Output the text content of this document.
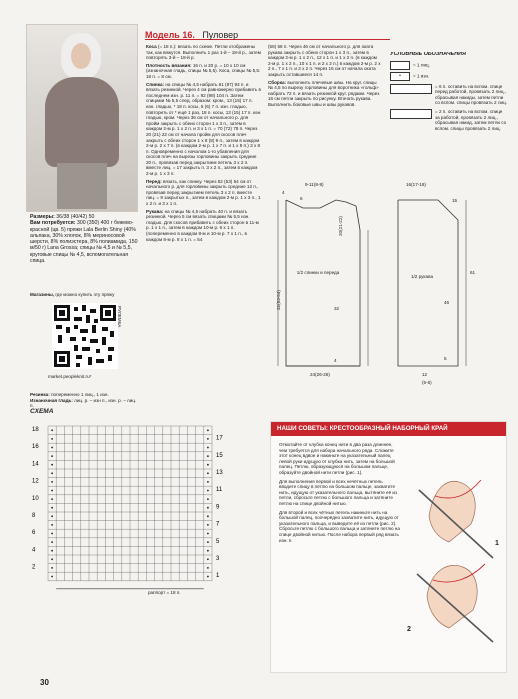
Модель 16. Пуловер
Размеры: 36/38 (40/42) 50
Вам потребуется: 300 (350) 400 г бежево-красной (цв. 5) пряжи Lala Berlin Shiny (40% альпака, 30% хлопок, 8% мериносовой шерсти, 8% полиэстера, 8% полиамида, 150 м/50 г) Lana Grossa; спицы № 4,5 и № 5,5, круговые спицы № 4,5, вспомогательная спица.
Магазины, где можно купить эту пряжу
РУЛЕМКА
market.peopleknit.ru*
Резинка: попеременно 1 лиц., 1 изн.
Изнаночная гладь: лиц. р. – изн п., изн. р. – лиц. п.

Коса (= 18 п.): вязать по схеме. Петли отображены так, как вяжутся. Выполнить 1 раз 1-й – 18-й р., затем повторять 3-й – 18-й р.

Плотность вязания: 16 п. и 20 р. = 10 х 10 см (изнаночная гладь, спицы № 5,5). Коса, спицы № 5,5: 18 п. = 8 см.

Спинка: на спицы № 4,5 набрать 81 (87) 93 п. и вязать резинкой. Через 4 см равномерно прибавить в последнем изн. р. 11 п. = 92 (98) 104 п. Затем спицами № 5,5 след. образом: кром., 13 (15) 17 п. изн. гладью, * 18 п. косы, 5 (6) 7 п. изн. гладью, повторить от * ещё 1 раз, 18 п. косы, 13 (15) 17 п. изн. гладью, кром. Через 36 см от начального р. для пройм закрыть с обеих сторон 1 х 3 п., затем в каждом 2-м р. 1 х 2 п. и 3 х 1 п. = 70 (72) 78 п. Через 20 (21) 22 см от начала пройм для скосов плеч закрыть с обеих сторон 1 х 8 (8) 9 п., затем в каждом 2-м р. 2 х 7 п. (в каждом 2-м р. 1 х 7 п. и 1 х 8 п.) 3 х 8 п. Одновременно с началом 1-го убавления для скосов плеч на вырезы горловины закрыть средние 20 п., провязав перед закрытием петель 3 х 2 п. вместе лиц. = 17 закрыть п. 3 х 2 п., затем в каждом 2-м р. 1 х 3 п.

Перед: вязать, как спинку. Через 52 (53) 54 см от начального р. для горловины закрыть средние 12 п., провязав перед закрытием петель 3 х 2 п. вместе лиц. = 9 закрытых п., затем в каждом 2-м р. 1 х 3 п., 1 х 2 п. и 3 х 1 п.

Рукава: на спицы № 4,5 набрать 40 п. и вязать резинкой. Через 5 см вязать спицами № 5,5 изн. гладью. Для скосов прибавить с обеих сторон в 11-м р. 1 х 1 п., затем в каждом 10-м р. 6 х 1 п. (попеременно в каждом 8-м и 10-м р. 7 х 1 п., в каждом 8-м р. 8 х 1 п. = 54

(56) 58 п. Через 46 см от начального р. для оката рукава закрыть с обеих сторон 1 х 3 п., затем в каждом 2-м р. 1 х 2 п., 12 х 1 п. и 1 х 2 п. (в каждом 2-м р. 1 х 2 п., 10 х 1 п. и 2 х 2 п.) в каждом 2-м р. 2 х 2 п., 7 х 1 п. и 2 х 2 п. Через 15 см от начала оката закрыть оставшиеся 14 п.

Сборка: выполнить плечевые швы. На круг. спицы № 4,5 по вырезу горловины для воротника «гольф» набрать 72 п. и вязать резинкой круг. рядами. Через 16 см петли закрыть по рисунку. Втачать рукава. Выполнить боковые швы и швы рукавов.

УСЛОВНЫЕ ОБОЗНАЧЕНИЯ
= 1 лиц.
•	= 1 изн.
= 6 п. оставить на вспом. спице перед работой, провязать 2 лиц., сбрасывая накиды, затем петли со вспом. спицы провязать 2 лиц.
= 2 п. оставить на вспом. спице за работой, провязать 2 лиц., сбрасывая накид, затем петли со вспом. спицы провязать 2 лиц.
9-11(8-8)
20(21-22)
32(53-54)	32
4
1/2 спинки и переда
24(26-28)
4
6
16(17-18)
15
61
46
5
1/2 рукава
12
(5-6)
СХЕМА
18
16
14
12
10
8
6
4
2
17
15
13
11
9
7
5
3
1
раппорт = 18 п.
НАШИ СОВЕТЫ: КРЕСТООБРАЗНЫЙ НАБОРНЫЙ КРАЙ

Отмотайте от клубка конец нити в два раза длиннее, чем требуется для набора начального ряда. Сложите этот конец вдвое и накиньте на указательный палец левой руки идущую от клубка нить, затем на большой палец. Петлю, образующуюся на большом пальце, образуйте двойной нити петли (рис. 1).

Для выполнения первой и всех нечётных петель вводите спицу в петлю на большом пальце, захватите нить, идущую от указательного пальца, вытяните её из петли, сбросьте петлю с большого пальца и затяните петлю на спице двойной нитью.

Для второй и всех чётных петель накиньте нить на большой палец, поочерёдно захватите нить, идущую от указательного пальца, и выведите её из петли (рис. 2). Сбросьте петлю с большого пальца и затяните петлю на спице двойной нитью. После набора первый ряд вязать изн. п.	1
2
30
